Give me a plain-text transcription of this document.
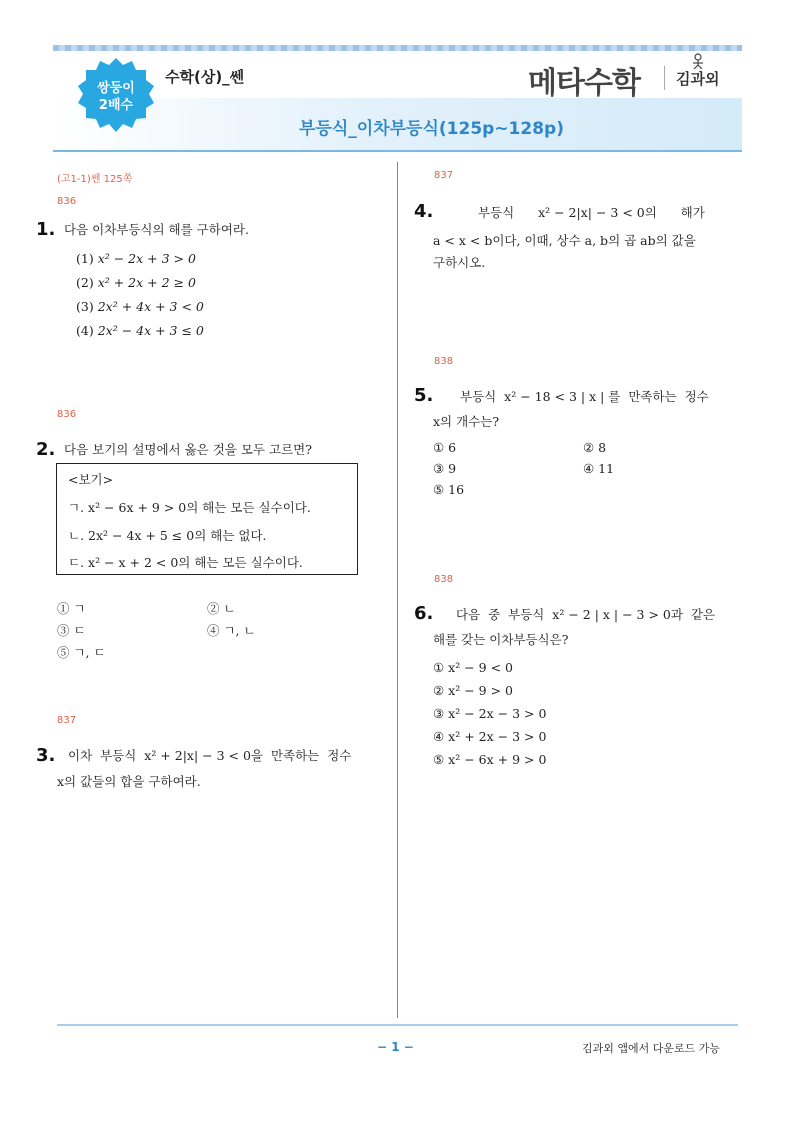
쌍둥이
2배수
수학(상)_쎈	메타수학 김과외
부등식_이차부등식(125p~128p)
(고1-1)쎈 125쪽
836
1. 다음 이차부등식의 해를 구하여라.
(1) x² − 2x + 3 > 0
(2) x² + 2x + 2 ≥ 0
(3) 2x² + 4x + 3 < 0
(4) 2x² − 4x + 3 ≤ 0
836
2. 다음 보기의 설명에서 옳은 것을 모두 고르면?
<보기>
ㄱ. x² − 6x + 9 > 0의 해는 모든 실수이다.
ㄴ. 2x² − 4x + 5 ≤ 0의 해는 없다.
ㄷ. x² − x + 2 < 0의 해는 모든 실수이다.
① ㄱ	② ㄴ
③ ㄷ	④ ㄱ, ㄴ
⑤ ㄱ, ㄷ
837
3. 이차  부등식  x² + 2|x| − 3 < 0을  만족하는  정수
x의 값들의 합을 구하여라.
837
4.	부등식      x² − 2|x| − 3 < 0의      해가
a < x < b이다, 이때, 상수 a, b의 곱 ab의 값을
구하시오.
838
5. 부등식  x² − 18 < 3 | x | 를  만족하는  정수
x의 개수는?
① 6	② 8
③ 9	④ 11
⑤ 16
838
6. 다음  중  부등식  x² − 2 | x | − 3 > 0과  같은
해를 갖는 이차부등식은?
① x² − 9 < 0
② x² − 9 > 0
③ x² − 2x − 3 > 0
④ x² + 2x − 3 > 0
⑤ x² − 6x + 9 > 0
− 1 −	김과외 앱에서 다운로드 가능
